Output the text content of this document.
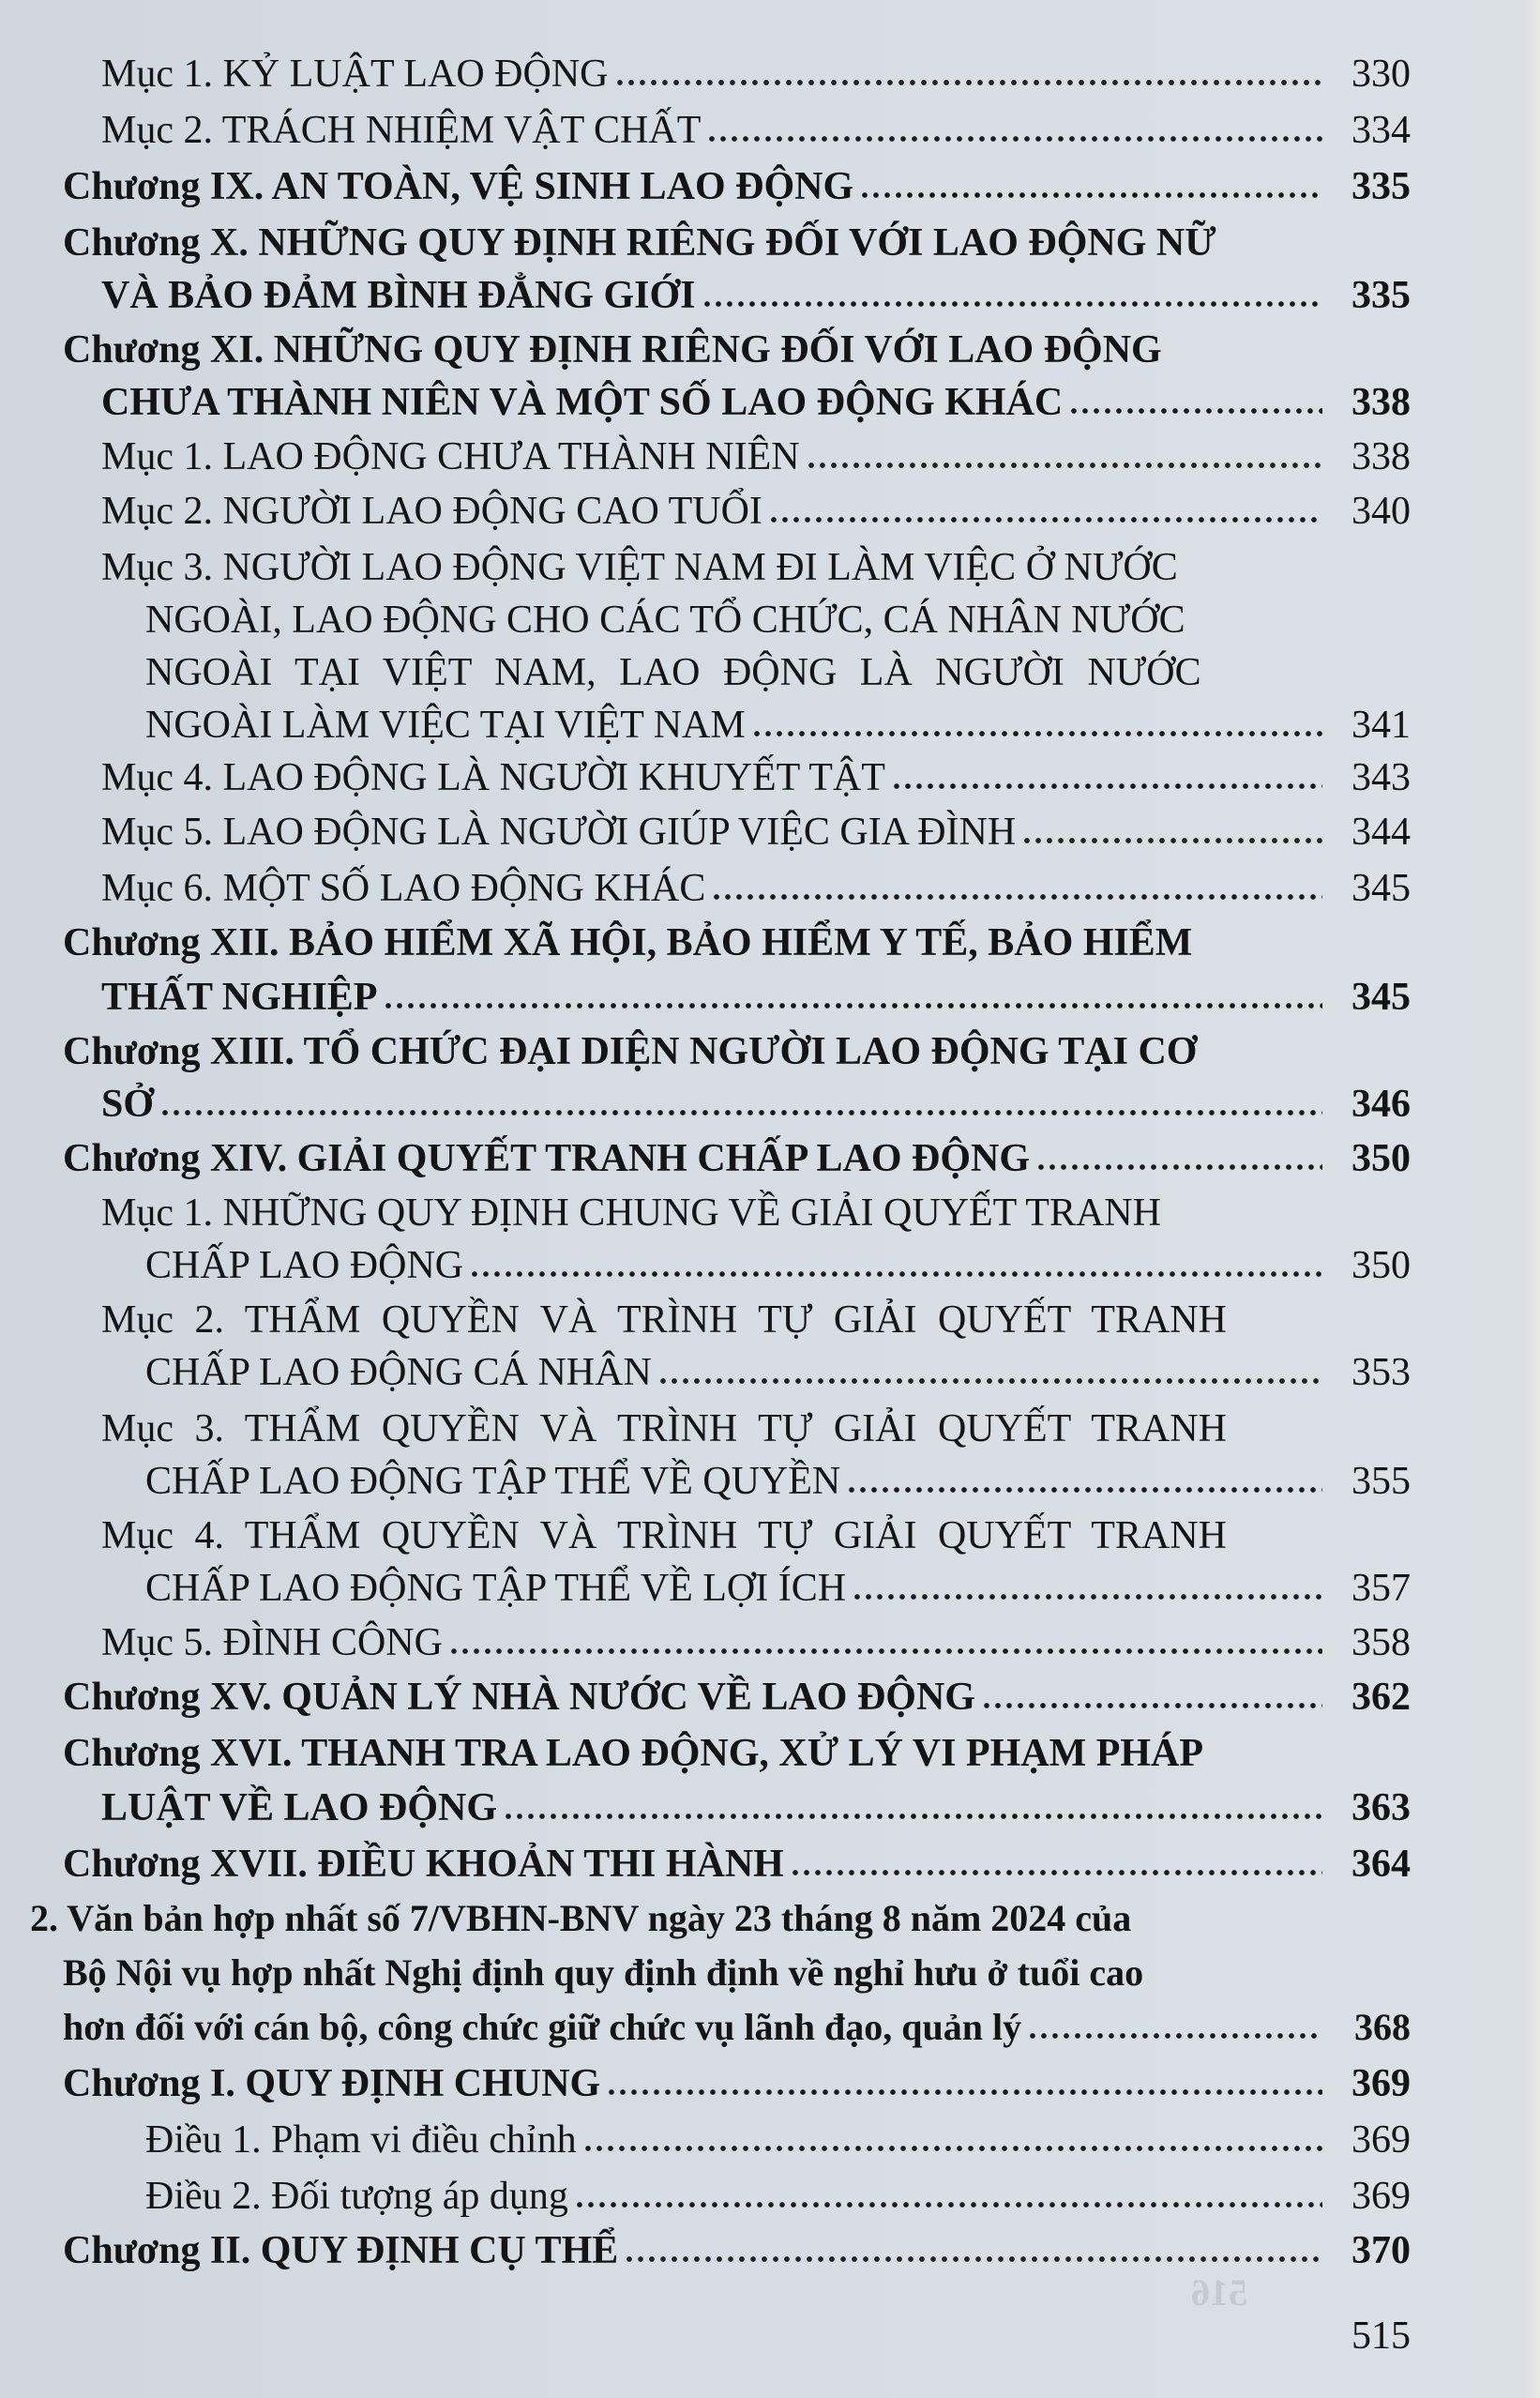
516
Mục 1. KỶ LUẬT LAO ĐỘNG	330
Mục 2. TRÁCH NHIỆM VẬT CHẤT	334
Chương IX. AN TOÀN, VỆ SINH LAO ĐỘNG	335
Chương X. NHỮNG QUY ĐỊNH RIÊNG ĐỐI VỚI LAO ĐỘNG NỮ
VÀ BẢO ĐẢM BÌNH ĐẲNG GIỚI	335
Chương XI. NHỮNG QUY ĐỊNH RIÊNG ĐỐI VỚI LAO ĐỘNG
CHƯA THÀNH NIÊN VÀ MỘT SỐ LAO ĐỘNG KHÁC	338
Mục 1. LAO ĐỘNG CHƯA THÀNH NIÊN	338
Mục 2. NGƯỜI LAO ĐỘNG CAO TUỔI	340
Mục 3. NGƯỜI LAO ĐỘNG VIỆT NAM ĐI LÀM VIỆC Ở NƯỚC
NGOÀI, LAO ĐỘNG CHO CÁC TỔ CHỨC, CÁ NHÂN NƯỚC
NGOÀI TẠI VIỆT NAM, LAO ĐỘNG LÀ NGƯỜI NƯỚC
NGOÀI LÀM VIỆC TẠI VIỆT NAM	341
Mục 4. LAO ĐỘNG LÀ NGƯỜI KHUYẾT TẬT	343
Mục 5. LAO ĐỘNG LÀ NGƯỜI GIÚP VIỆC GIA ĐÌNH	344
Mục 6. MỘT SỐ LAO ĐỘNG KHÁC	345
Chương XII. BẢO HIỂM XÃ HỘI, BẢO HIỂM Y TẾ, BẢO HIỂM
THẤT NGHIỆP	345
Chương XIII. TỔ CHỨC ĐẠI DIỆN NGƯỜI LAO ĐỘNG TẠI CƠ
SỞ	346
Chương XIV. GIẢI QUYẾT TRANH CHẤP LAO ĐỘNG	350
Mục 1. NHỮNG QUY ĐỊNH CHUNG VỀ GIẢI QUYẾT TRANH
CHẤP LAO ĐỘNG	350
Mục 2. THẨM QUYỀN VÀ TRÌNH TỰ GIẢI QUYẾT TRANH
CHẤP LAO ĐỘNG CÁ NHÂN	353
Mục 3. THẨM QUYỀN VÀ TRÌNH TỰ GIẢI QUYẾT TRANH
CHẤP LAO ĐỘNG TẬP THỂ VỀ QUYỀN	355
Mục 4. THẨM QUYỀN VÀ TRÌNH TỰ GIẢI QUYẾT TRANH
CHẤP LAO ĐỘNG TẬP THỂ VỀ LỢI ÍCH	357
Mục 5. ĐÌNH CÔNG	358
Chương XV. QUẢN LÝ NHÀ NƯỚC VỀ LAO ĐỘNG	362
Chương XVI. THANH TRA LAO ĐỘNG, XỬ LÝ VI PHẠM PHÁP
LUẬT VỀ LAO ĐỘNG	363
Chương XVII. ĐIỀU KHOẢN THI HÀNH	364
2. Văn bản hợp nhất số 7/VBHN-BNV ngày 23 tháng 8 năm 2024 của
Bộ Nội vụ hợp nhất Nghị định quy định định về nghỉ hưu ở tuổi cao
hơn đối với cán bộ, công chức giữ chức vụ lãnh đạo, quản lý	368
Chương I. QUY ĐỊNH CHUNG	369
Điều 1. Phạm vi điều chỉnh	369
Điều 2. Đối tượng áp dụng	369
Chương II. QUY ĐỊNH CỤ THỂ	370
515
